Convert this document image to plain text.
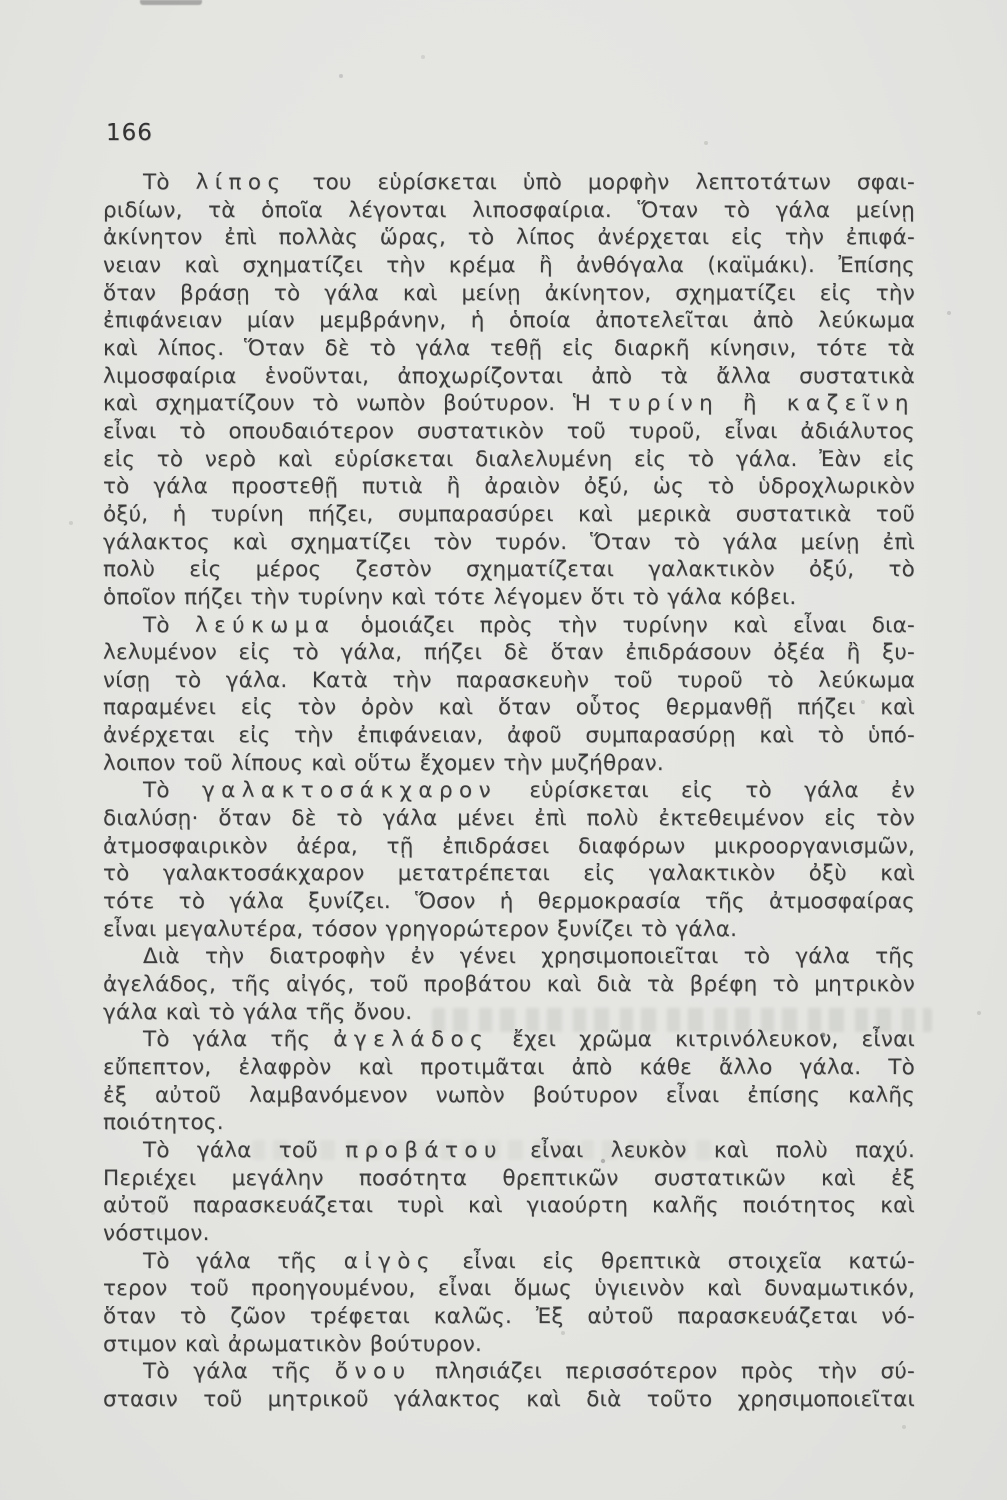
166
Τὸ λίπος του εὑρίσκεται ὑπὸ μορφὴν λεπτοτάτων σφαι-
ριδίων, τὰ ὁποῖα λέγονται λιποσφαίρια. Ὅταν τὸ γάλα μείνῃ
ἀκίνητον ἐπὶ πολλὰς ὥρας, τὸ λίπος ἀνέρχεται εἰς τὴν ἐπιφά-
νειαν καὶ σχηματίζει τὴν κρέμα ἢ ἀνθόγαλα (καϊμάκι). Ἐπίσης
ὅταν βράσῃ τὸ γάλα καὶ μείνῃ ἀκίνητον, σχηματίζει εἰς τὴν
ἐπιφάνειαν μίαν μεμβράνην, ἡ ὁποία ἀποτελεῖται ἀπὸ λεύκωμα
καὶ λίπος. Ὅταν δὲ τὸ γάλα τεθῇ εἰς διαρκῆ κίνησιν, τότε τὰ
λιμοσφαίρια ἑνοῦνται, ἀποχωρίζονται ἀπὸ τὰ ἄλλα συστατικὰ
καὶ σχηματίζουν τὸ νωπὸν βούτυρον. Ἡ τυρίνη ἢ καζεῖνη
εἶναι τὸ οπουδαιότερον συστατικὸν τοῦ τυροῦ, εἶναι ἀδιάλυτος
εἰς τὸ νερὸ καὶ εὑρίσκεται διαλελυμένη εἰς τὸ γάλα. Ἐὰν εἰς
τὸ γάλα προστεθῇ πυτιὰ ἢ ἀραιὸν ὀξύ, ὡς τὸ ὑδροχλωρικὸν
ὀξύ, ἡ τυρίνη πήζει, συμπαρασύρει καὶ μερικὰ συστατικὰ τοῦ
γάλακτος καὶ σχηματίζει τὸν τυρόν. Ὅταν τὸ γάλα μείνῃ ἐπὶ
πολὺ εἰς μέρος ζεστὸν σχηματίζεται γαλακτικὸν ὀξύ, τὸ
ὁποῖον πήζει τὴν τυρίνην καὶ τότε λέγομεν ὅτι τὸ γάλα κόβει.
Τὸ λεύκωμα ὁμοιάζει πρὸς τὴν τυρίνην καὶ εἶναι δια-
λελυμένον εἰς τὸ γάλα, πήζει δὲ ὅταν ἐπιδράσουν ὀξέα ἢ ξυ-
νίσῃ τὸ γάλα. Κατὰ τὴν παρασκευὴν τοῦ τυροῦ τὸ λεύκωμα
παραμένει εἰς τὸν ὀρὸν καὶ ὅταν οὗτος θερμανθῇ πήζει καὶ
ἀνέρχεται εἰς τὴν ἐπιφάνειαν, ἀφοῦ συμπαρασύρῃ καὶ τὸ ὑπό-
λοιπον τοῦ λίπους καὶ οὕτω ἔχομεν τὴν μυζήθραν.
Τὸ γαλακτοσάκχαρον εὑρίσκεται εἰς τὸ γάλα ἐν
διαλύσῃ· ὅταν δὲ τὸ γάλα μένει ἐπὶ πολὺ ἐκτεθειμένον εἰς τὸν
ἀτμοσφαιρικὸν ἀέρα, τῇ ἐπιδράσει διαφόρων μικροοργανισμῶν,
τὸ γαλακτοσάκχαρον μετατρέπεται εἰς γαλακτικὸν ὀξὺ καὶ
τότε τὸ γάλα ξυνίζει. Ὅσον ἡ θερμοκρασία τῆς ἀτμοσφαίρας
εἶναι μεγαλυτέρα, τόσον γρηγορώτερον ξυνίζει τὸ γάλα.
Διὰ τὴν διατροφὴν ἐν γένει χρησιμοποιεῖται τὸ γάλα τῆς
ἀγελάδος, τῆς αἰγός, τοῦ προβάτου καὶ διὰ τὰ βρέφη τὸ μητρικὸν
γάλα καὶ τὸ γάλα τῆς ὄνου.
Τὸ γάλα τῆς ἀγελάδος ἔχει χρῶμα κιτρινόλευκον, εἶναι
εὔπεπτον, ἐλαφρὸν καὶ προτιμᾶται ἀπὸ κάθε ἄλλο γάλα. Τὸ
ἐξ αὐτοῦ λαμβανόμενον νωπὸν βούτυρον εἶναι ἐπίσης καλῆς
ποιότητος.
Τὸ γάλα τοῦ προβάτου εἶναι λευκὸν καὶ πολὺ παχύ.
Περιέχει μεγάλην ποσότητα θρεπτικῶν συστατικῶν καὶ ἐξ
αὐτοῦ παρασκευάζεται τυρὶ καὶ γιαούρτη καλῆς ποιότητος καὶ
νόστιμον.
Τὸ γάλα τῆς αἰγὸς εἶναι εἰς θρεπτικὰ στοιχεῖα κατώ-
τερον τοῦ προηγουμένου, εἶναι ὅμως ὑγιεινὸν καὶ δυναμωτικόν,
ὅταν τὸ ζῶον τρέφεται καλῶς. Ἐξ αὐτοῦ παρασκευάζεται νό-
στιμον καὶ ἀρωματικὸν βούτυρον.
Τὸ γάλα τῆς ὄνου πλησιάζει περισσότερον πρὸς τὴν σύ-
στασιν τοῦ μητρικοῦ γάλακτος καὶ διὰ τοῦτο χρησιμοποιεῖται
